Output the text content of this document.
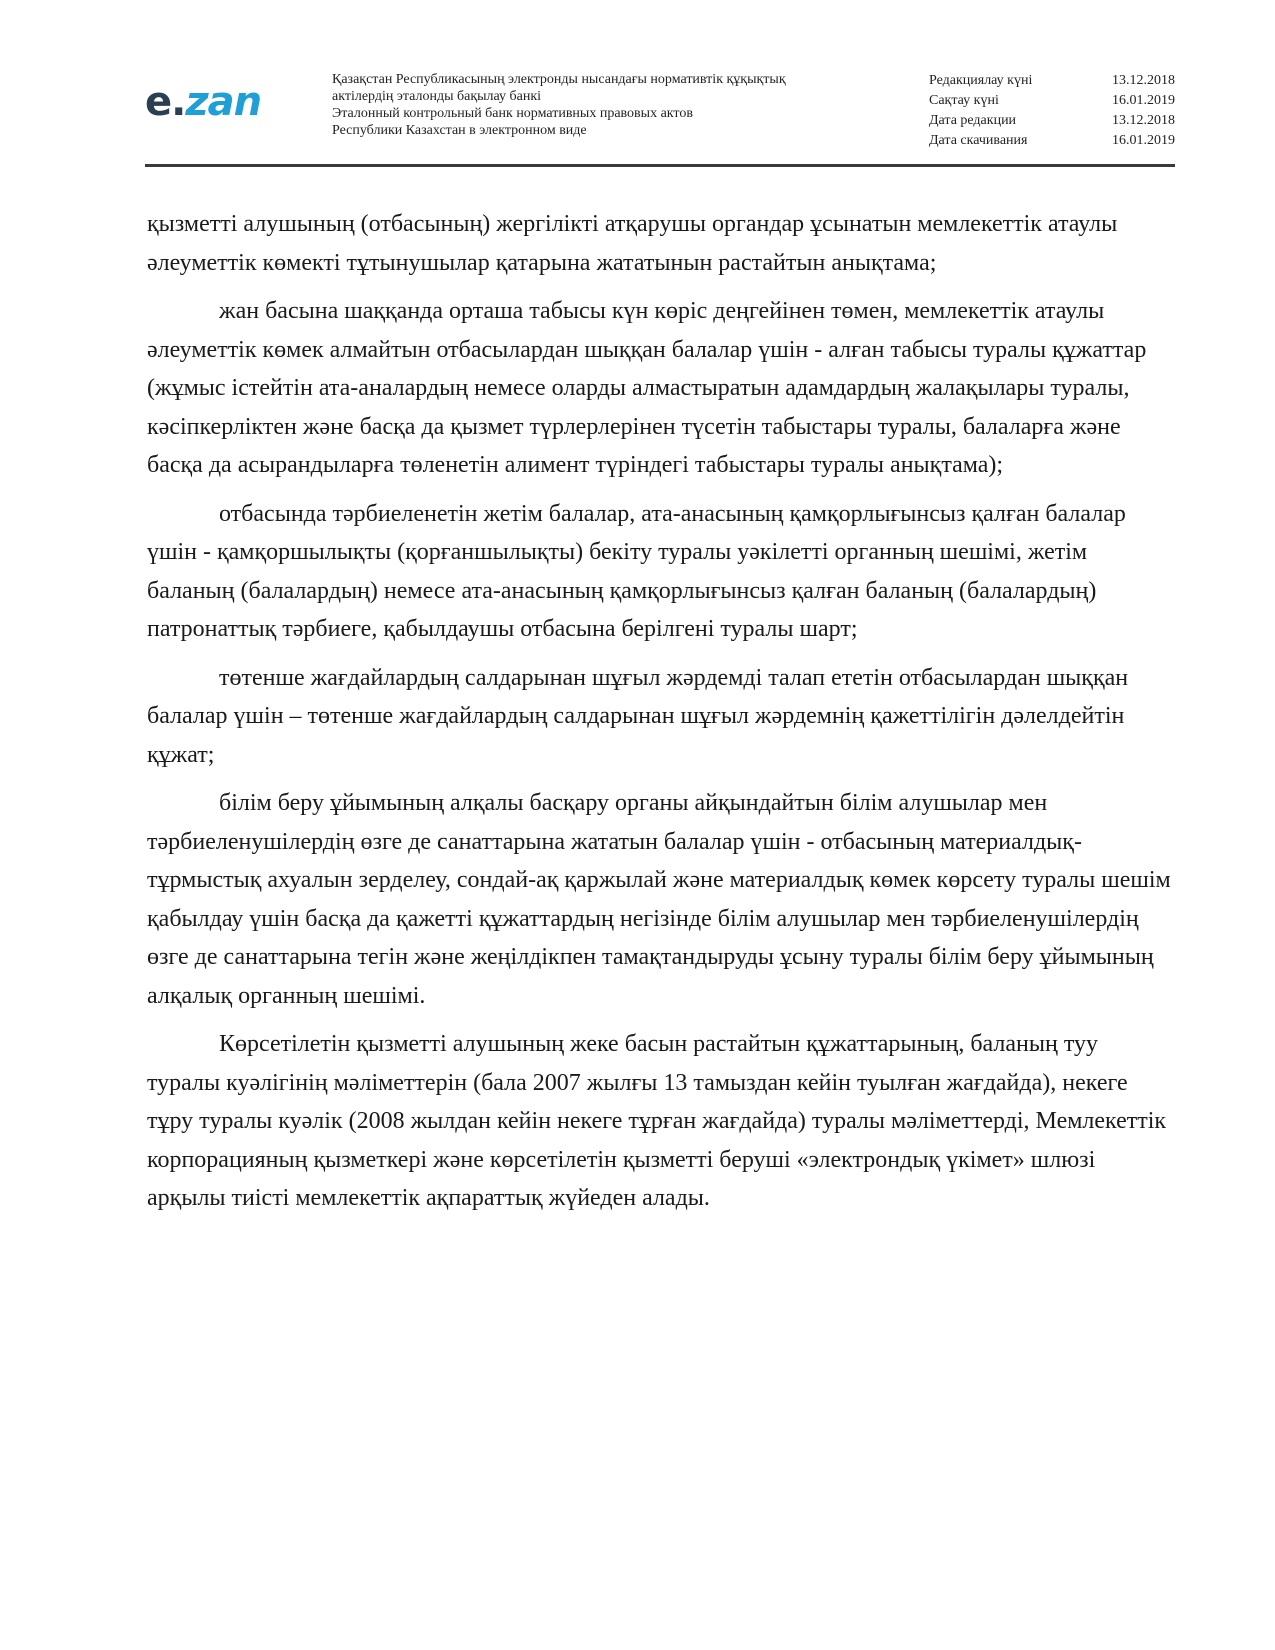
e.zan	Қазақстан Республикасының электронды нысандағы нормативтік құқықтық
актілердің эталонды бақылау банкі
Эталонный контрольный банк нормативных правовых актов
Республики Казахстан в электронном виде
Редакциялау күні	13.12.2018
Сақтау күні	16.01.2019
Дата редакции	13.12.2018
Дата скачивания	16.01.2019

қызметті алушының (отбасының) жергілікті атқарушы органдар ұсынатын мемлекеттік атаулы әлеуметтік көмекті тұтынушылар қатарына жататынын растайтын анықтама;

жан басына шаққанда орташа табысы күн көріс деңгейінен төмен, мемлекеттік атаулы әлеуметтік көмек алмайтын отбасылардан шыққан балалар үшін - алған табысы туралы құжаттар (жұмыс істейтін ата-аналардың немесе оларды алмастыратын адамдардың жалақылары туралы, кәсіпкерліктен және басқа да қызмет түрлерлерінен түсетін табыстары туралы, балаларға және басқа да асырандыларға төленетін алимент түріндегі табыстары туралы анықтама);

отбасында тәрбиеленетін жетім балалар, ата-анасының қамқорлығынсыз қалған балалар үшін - қамқоршылықты (қорғаншылықты) бекіту туралы уәкілетті органның шешімі, жетім баланың (балалардың) немесе ата-анасының қамқорлығынсыз қалған баланың (балалардың) патронаттық тәрбиеге, қабылдаушы отбасына берілгені туралы шарт;

төтенше жағдайлардың салдарынан шұғыл жәрдемді талап ететін отбасылардан шыққан балалар үшін – төтенше жағдайлардың салдарынан шұғыл жәрдемнің қажеттілігін дәлелдейтін құжат;

білім беру ұйымының алқалы басқару органы айқындайтын білім алушылар мен тәрбиеленушілердің өзге де санаттарына жататын балалар үшін - отбасының материалдық-тұрмыстық ахуалын зерделеу, сондай-ақ қаржылай және материалдық көмек көрсету туралы шешім қабылдау үшін басқа да қажетті құжаттардың негізінде білім алушылар мен тәрбиеленушілердің өзге де санаттарына тегін және жеңілдікпен тамақтандыруды ұсыну туралы білім беру ұйымының алқалық органның шешімі.

Көрсетілетін қызметті алушының жеке басын растайтын құжаттарының, баланың туу туралы куәлігінің мәліметтерін (бала 2007 жылғы 13 тамыздан кейін туылған жағдайда), некеге тұру туралы куәлік (2008 жылдан кейін некеге тұрған жағдайда) туралы мәліметтерді, Мемлекеттік корпорацияның қызметкері және көрсетілетін қызметті беруші «электрондық үкімет» шлюзі арқылы тиісті мемлекеттік ақпараттық жүйеден алады.
